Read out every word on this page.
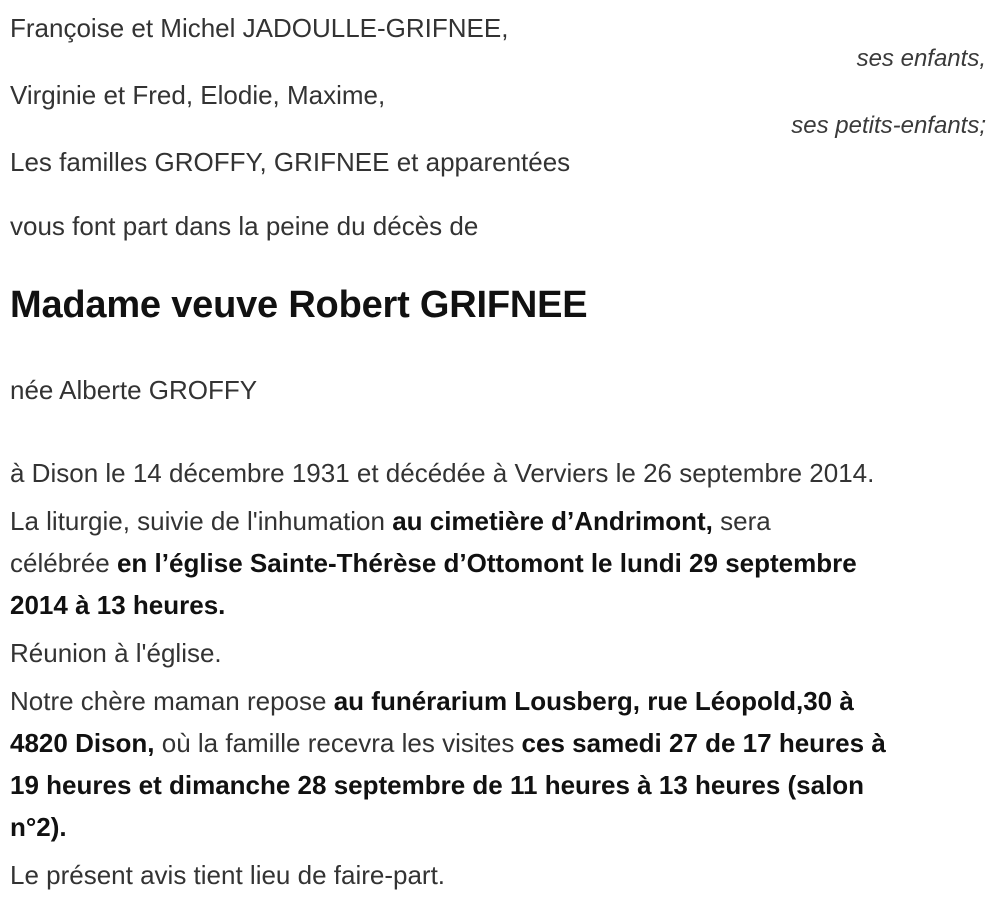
Françoise et Michel JADOULLE-GRIFNEE,
ses enfants,
Virginie et Fred, Elodie, Maxime,
ses petits-enfants;
Les familles GROFFY, GRIFNEE et apparentées
vous font part dans la peine du décès de
Madame veuve Robert GRIFNEE
née Alberte GROFFY

à Dison le 14 décembre 1931 et décédée à Verviers le 26 septembre 2014.

La liturgie, suivie de l'inhumation au cimetière d’Andrimont, sera
célébrée en l’église Sainte-Thérèse d’Ottomont le lundi 29 septembre
2014 à 13 heures.

Réunion à l'église.

Notre chère maman repose au funérarium Lousberg, rue Léopold,30 à
4820 Dison, où la famille recevra les visites ces samedi 27 de 17 heures à
19 heures et dimanche 28 septembre de 11 heures à 13 heures (salon
n°2).

Le présent avis tient lieu de faire-part.
